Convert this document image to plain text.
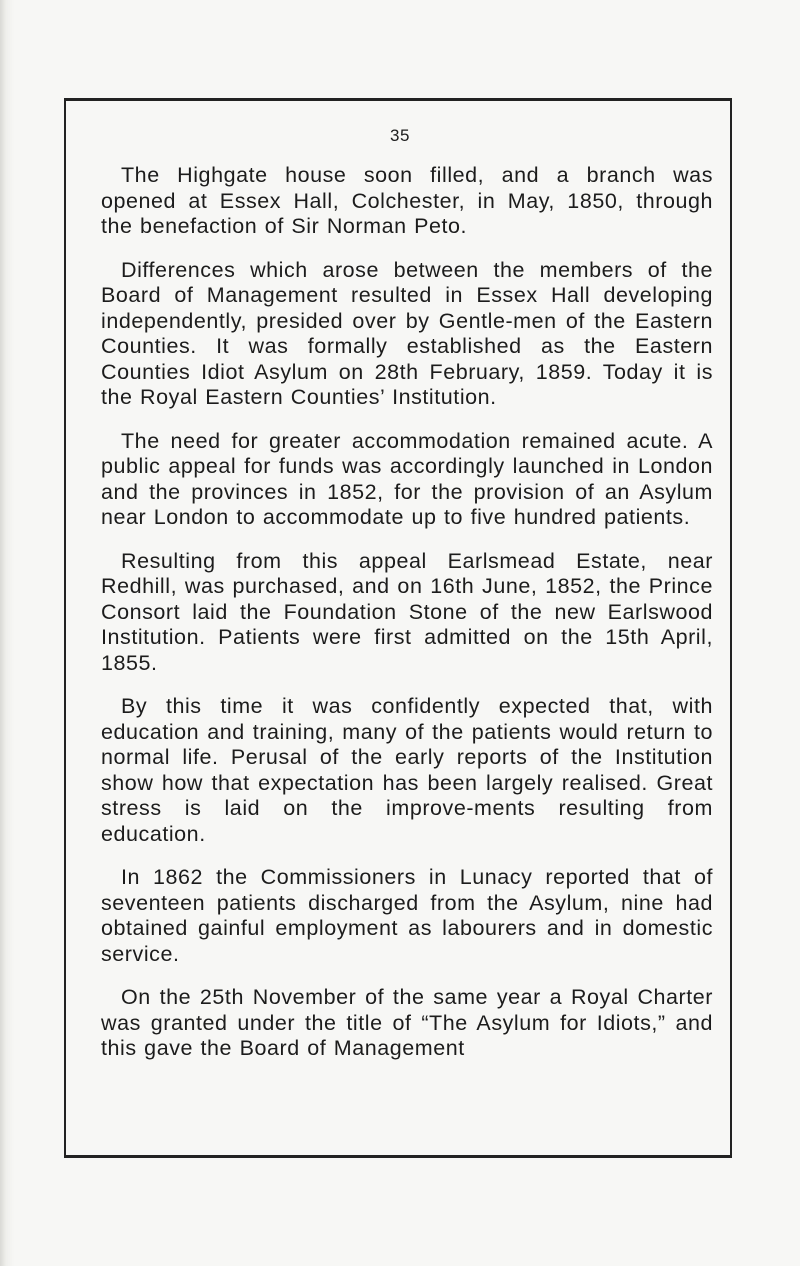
35

The Highgate house soon filled, and a branch was opened at Essex Hall, Colchester, in May, 1850, through the benefaction of Sir Norman Peto.

Differences which arose between the members of the Board of Management resulted in Essex Hall developing independently, presided over by Gentle-men of the Eastern Counties. It was formally established as the Eastern Counties Idiot Asylum on 28th February, 1859. Today it is the Royal Eastern Counties’ Institution.

The need for greater accommodation remained acute. A public appeal for funds was accordingly launched in London and the provinces in 1852, for the provision of an Asylum near London to accommodate up to five hundred patients.

Resulting from this appeal Earlsmead Estate, near Redhill, was purchased, and on 16th June, 1852, the Prince Consort laid the Foundation Stone of the new Earlswood Institution. Patients were first admitted on the 15th April, 1855.

By this time it was confidently expected that, with education and training, many of the patients would return to normal life. Perusal of the early reports of the Institution show how that expectation has been largely realised. Great stress is laid on the improve-ments resulting from education.

In 1862 the Commissioners in Lunacy reported that of seventeen patients discharged from the Asylum, nine had obtained gainful employment as labourers and in domestic service.

On the 25th November of the same year a Royal Charter was granted under the title of “The Asylum for Idiots,” and this gave the Board of Management
